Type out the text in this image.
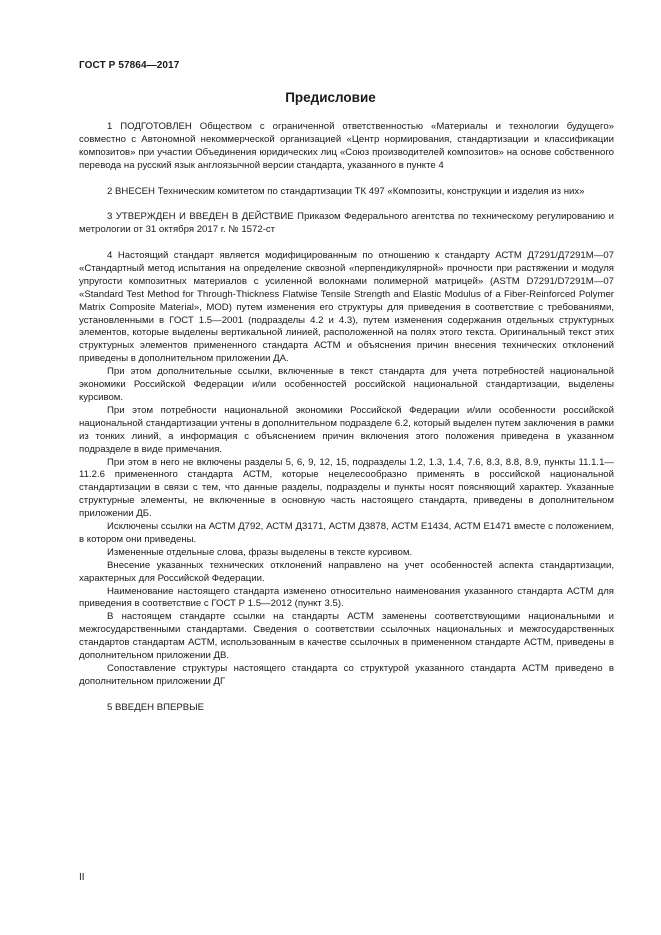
ГОСТ Р 57864—2017
Предисловие

1 ПОДГОТОВЛЕН Обществом с ограниченной ответственностью «Материалы и технологии будущего» совместно с Автономной некоммерческой организацией «Центр нормирования, стандартизации и классификации композитов» при участии Объединения юридических лиц «Союз производителей композитов» на основе собственного перевода на русский язык англоязычной версии стандарта, указанного в пункте 4

2 ВНЕСЕН Техническим комитетом по стандартизации ТК 497 «Композиты, конструкции и изделия из них»

3 УТВЕРЖДЕН И ВВЕДЕН В ДЕЙСТВИЕ Приказом Федерального агентства по техническому регулированию и метрологии от 31 октября 2017 г. № 1572-ст

4 Настоящий стандарт является модифицированным по отношению к стандарту АСТМ Д7291/Д7291М—07 «Стандартный метод испытания на определение сквозной «перпендикулярной» прочности при растяжении и модуля упругости композитных материалов с усиленной волокнами полимерной матрицей» (ASTM D7291/D7291M—07 «Standard Test Method for Through-Thickness Flatwise Tensile Strength and Elastic Modulus of a Fiber-Reinforced Polymer Matrix Composite Material», MOD) путем изменения его структуры для приведения в соответствие с требованиями, установленными в ГОСТ 1.5—2001 (подразделы 4.2 и 4.3), путем изменения содержания отдельных структурных элементов, которые выделены вертикальной линией, расположенной на полях этого текста. Оригинальный текст этих структурных элементов примененного стандарта АСТМ и объяснения причин внесения технических отклонений приведены в дополнительном приложении ДА.

При этом дополнительные ссылки, включенные в текст стандарта для учета потребностей национальной экономики Российской Федерации и/или особенностей российской национальной стандартизации, выделены курсивом.

При этом потребности национальной экономики Российской Федерации и/или особенности российской национальной стандартизации учтены в дополнительном подразделе 6.2, который выделен путем заключения в рамки из тонких линий, а информация с объяснением причин включения этого положения приведена в указанном подразделе в виде примечания.

При этом в него не включены разделы 5, 6, 9, 12, 15, подразделы 1.2, 1.3, 1.4, 7.6, 8.3, 8.8, 8.9, пункты 11.1.1—11.2.6 примененного стандарта АСТМ, которые нецелесообразно применять в российской национальной стандартизации в связи с тем, что данные разделы, подразделы и пункты носят поясняющий характер. Указанные структурные элементы, не включенные в основную часть настоящего стандарта, приведены в дополнительном приложении ДБ.

Исключены ссылки на АСТМ Д792, АСТМ Д3171, АСТМ Д3878, АСТМ Е1434, АСТМ Е1471 вместе с положением, в котором они приведены.

Измененные отдельные слова, фразы выделены в тексте курсивом.

Внесение указанных технических отклонений направлено на учет особенностей аспекта стандартизации, характерных для Российской Федерации.

Наименование настоящего стандарта изменено относительно наименования указанного стандарта АСТМ для приведения в соответствие с ГОСТ Р 1.5—2012 (пункт 3.5).

В настоящем стандарте ссылки на стандарты АСТМ заменены соответствующими национальными и межгосударственными стандартами. Сведения о соответствии ссылочных национальных и межгосударственных стандартов стандартам АСТМ, использованным в качестве ссылочных в примененном стандарте АСТМ, приведены в дополнительном приложении ДВ.

Сопоставление структуры настоящего стандарта со структурой указанного стандарта АСТМ приведено в дополнительном приложении ДГ

5 ВВЕДЕН ВПЕРВЫЕ

II
